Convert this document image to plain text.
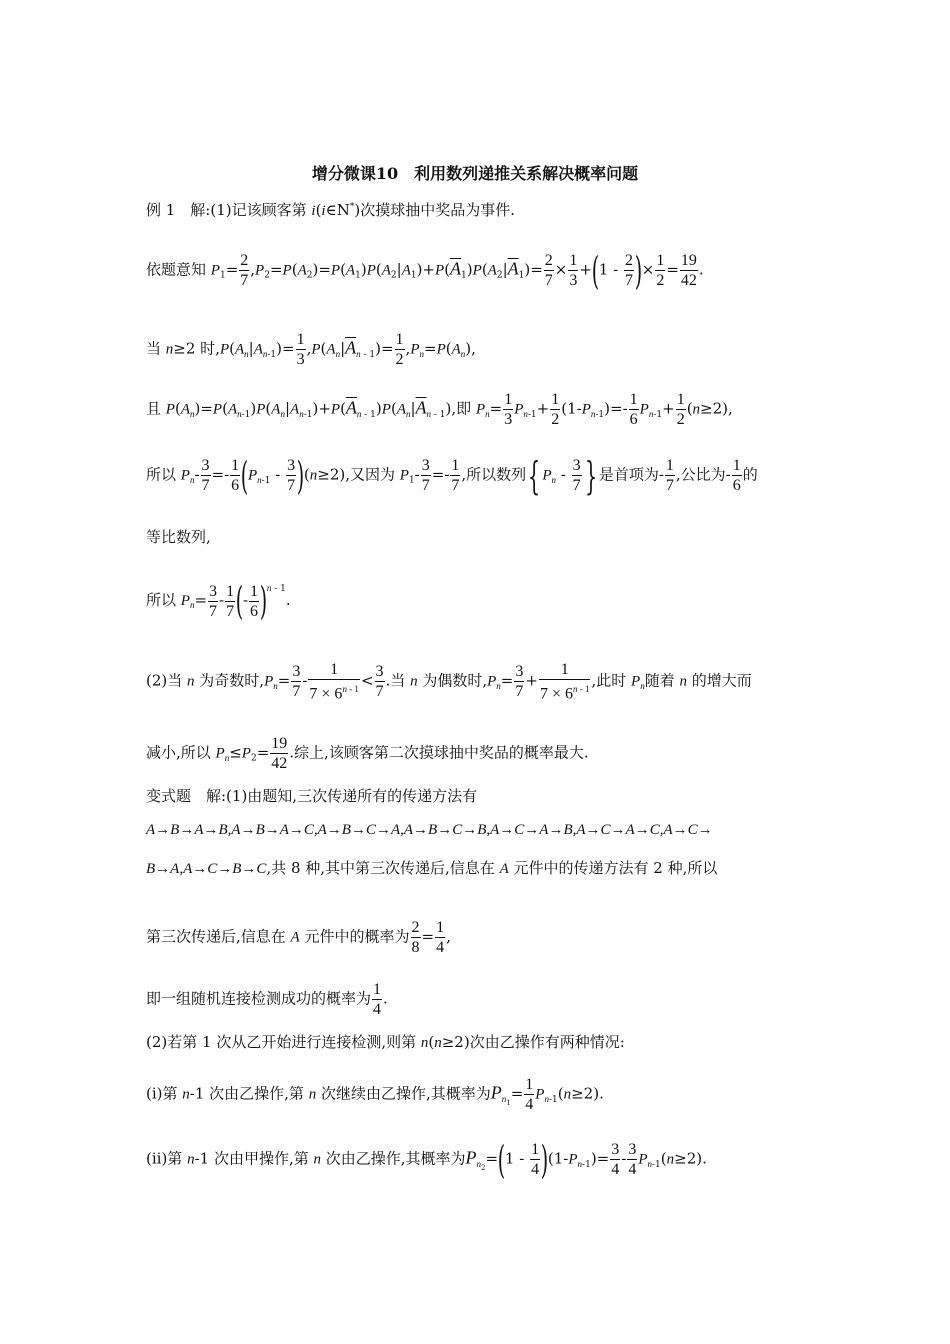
增分微课10　利用数列递推关系解决概率问题
例 1　解:(1)记该顾客第 i(i∈N*)次摸球抽中奖品为事件.
依题意知 $P_1= \frac{2}{7} ,P_2=P(A_2)=P(A_1)P(A_2|A_1)+P(\overline{A}_1)P(A_2|\overline{A}_1)= \frac{2}{7} \times \frac{1}{3} +(1 - \frac{2}{7}$ )× $\frac{1}{2} = \frac{19}{42}$ .
当 n≥2 时$,P(A_n|A_{n-1})= \frac{1}{3} ,P(A_n|\overline{A}_{n - 1})= \frac{1}{2} ,P_n=P(A_n)$,
且 $P(A_n)=P(A_{n-1})P(A_n|A_{n-1})+P(\overline{A}_{n - 1})P(A_n|\overline{A}_{n - 1})$,即 $P_n= \frac{1}{3} P_{n-1}+ \frac{1}{2} (1-P_{n-1})=- \frac{1}{6} P_{n-1}+ \frac{1}{2} (n\ge 2)$,
所以 $P_n- \frac{3}{7} =- \frac{1}{6} (P_{n-1} - \frac{3}{7} )(n\ge 2)$,又因为 $P_1- \frac{3}{7} =- \frac{1}{7}$ ,所以数列{ $P_n - \frac{3}{7}$ } 是首项为- $\frac{1}{7}$ ,公比为- $\frac{1}{6}$ 的
等比数列,
所以 $P_n= \frac{3}{7} - \frac{1}{7}$ (- $\frac{1}{6} )^{n - 1}$.
(2)当 n 为奇数时$,P_n= \frac{3}{7} - \frac{1}{7 \times 6^{n - 1}} < \frac{3}{7}$ .当 n 为偶数时$,P_n= \frac{3}{7} + \frac{1}{7 \times 6^{n - 1}}$ ,此时 $P_n$随着 n 的增大而
减小,所以 $P_n\le P_2= \frac{19}{42}$ .综上,该顾客第二次摸球抽中奖品的概率最大.
变式题　解:(1)由题知,三次传递所有的传递方法有
A→B→A→B,A→B→A→C,A→B→C→A,A→B→C→B,A→C→A→B,A→C→A→C,A→C→
B→A,A→C→B→C,共 8 种,其中第三次传递后,信息在 A 元件中的传递方法有 2 种,所以
第三次传递后,信息在 A 元件中的概率为 $\frac{2}{8} = \frac{1}{4}$ ,
即一组随机连接检测成功的概率为 $\frac{1}{4}$ .
(2)若第 1 次从乙开始进行连接检测,则第 n(n≥2)次由乙操作有两种情况:
(i)第 n-1 次由乙操作,第 n 次继续由乙操作,其概率为$P_{n_1}= \frac{1}{4} P_{n-1}(n\ge 2)$.
(ii)第 n-1 次由甲操作,第 n 次由乙操作,其概率为$P_{n_2}=(1 - \frac{1}{4} )(1-P_{n-1})= \frac{3}{4} - \frac{3}{4} P_{n-1}(n\ge 2)$.
